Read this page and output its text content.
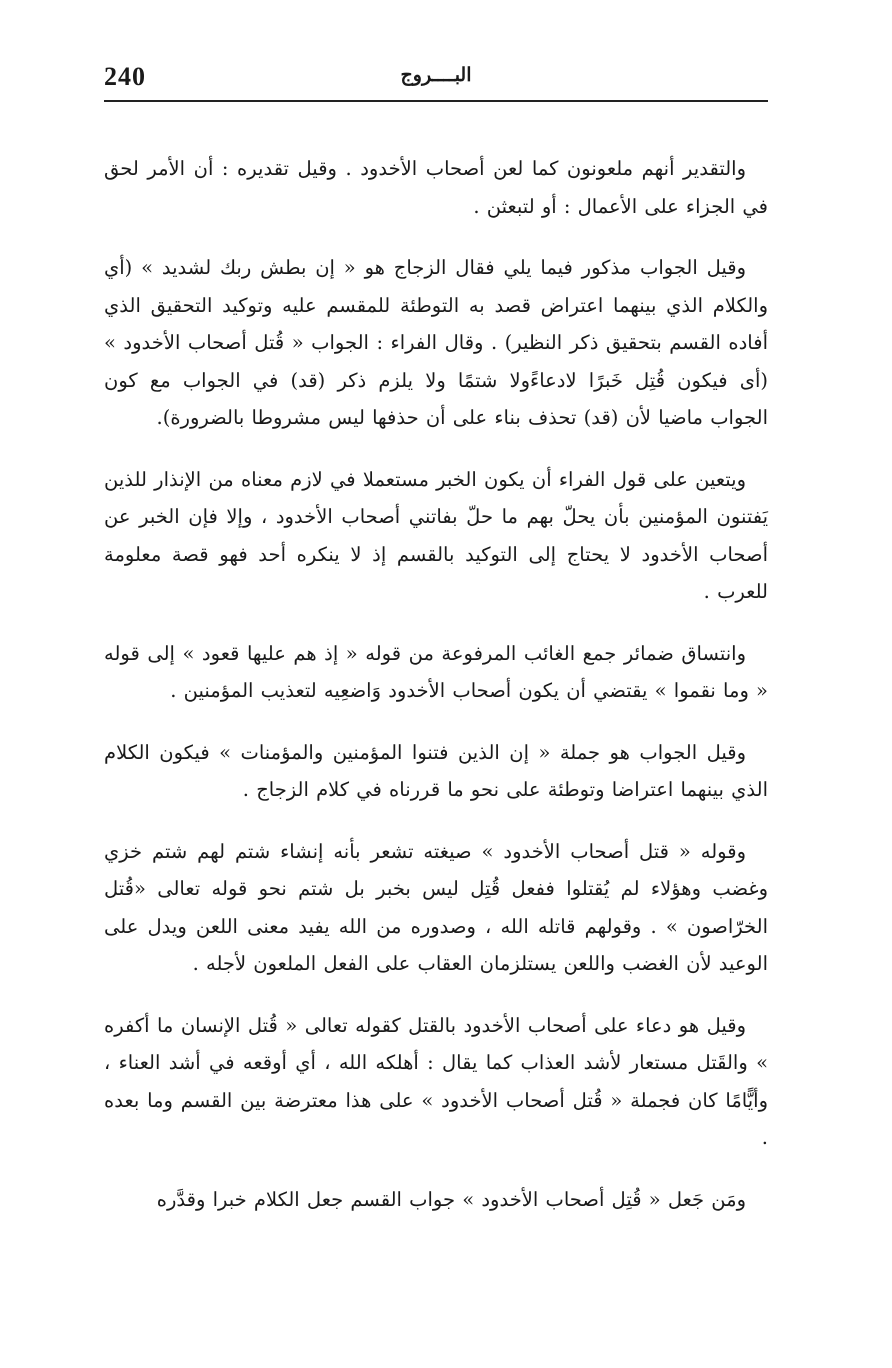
240	البــــروج

والتقدير أنهم ملعونون كما لعن أصحاب الأخدود . وقيل تقديره : أن الأمر لحق في الجزاء على الأعمال : أو لتبعثن .

وقيل الجواب مذكور فيما يلي فقال الزجاج هو « إن بطش ربك لشديد » (أي والكلام الذي بينهما اعتراض قصد به التوطئة للمقسم عليه وتوكيد التحقيق الذي أفاده القسم بتحقيق ذكر النظير) . وقال الفراء : الجواب « قُتل أصحاب الأخدود » (أى فيكون قُتِل خَبرًا لادعاءًولا شتمًا ولا يلزم ذكر (قد) في الجواب مع كون الجواب ماضيا لأن (قد) تحذف بناء على أن حذفها ليس مشروطا بالضرورة).

ويتعين على قول الفراء أن يكون الخبر مستعملا في لازم معناه من الإنذار للذين يَفتنون المؤمنين بأن يحلّ بهم ما حلّ بفاتني أصحاب الأخدود ، وإلا فإن الخبر عن أصحاب الأخدود لا يحتاج إلى التوكيد بالقسم إذ لا ينكره أحد فهو قصة معلومة للعرب .

وانتساق ضمائر جمع الغائب المرفوعة من قوله « إذ هم عليها قعود » إلى قوله « وما نقموا » يقتضي أن يكون أصحاب الأخدود وَاضعِيه لتعذيب المؤمنين .

وقيل الجواب هو جملة « إن الذين فتنوا المؤمنين والمؤمنات » فيكون الكلام الذي بينهما اعتراضا وتوطئة على نحو ما قررناه في كلام الزجاج .

وقوله « قتل أصحاب الأخدود » صيغته تشعر بأنه إنشاء شتم لهم شتم خزي وغضب وهؤلاء لم يُقتلوا ففعل قُتِل ليس بخبر بل شتم نحو قوله تعالى «قُتل الخرّاصون » . وقولهم قاتله الله ، وصدوره من الله يفيد معنى اللعن ويدل على الوعيد لأن الغضب واللعن يستلزمان العقاب على الفعل الملعون لأجله .

وقيل هو دعاء على أصحاب الأخدود بالقتل كقوله تعالى « قُتل الإنسان ما أكفره » والقَتل مستعار لأشد العذاب كما يقال : أهلكه الله ، أي أوقعه في أشد العناء ، وأيًّامًا كان فجملة « قُتل أصحاب الأخدود » على هذا معترضة بين القسم وما بعده .

ومَن جَعل « قُتِل أصحاب الأخدود » جواب القسم جعل الكلام خبرا وقدَّره
